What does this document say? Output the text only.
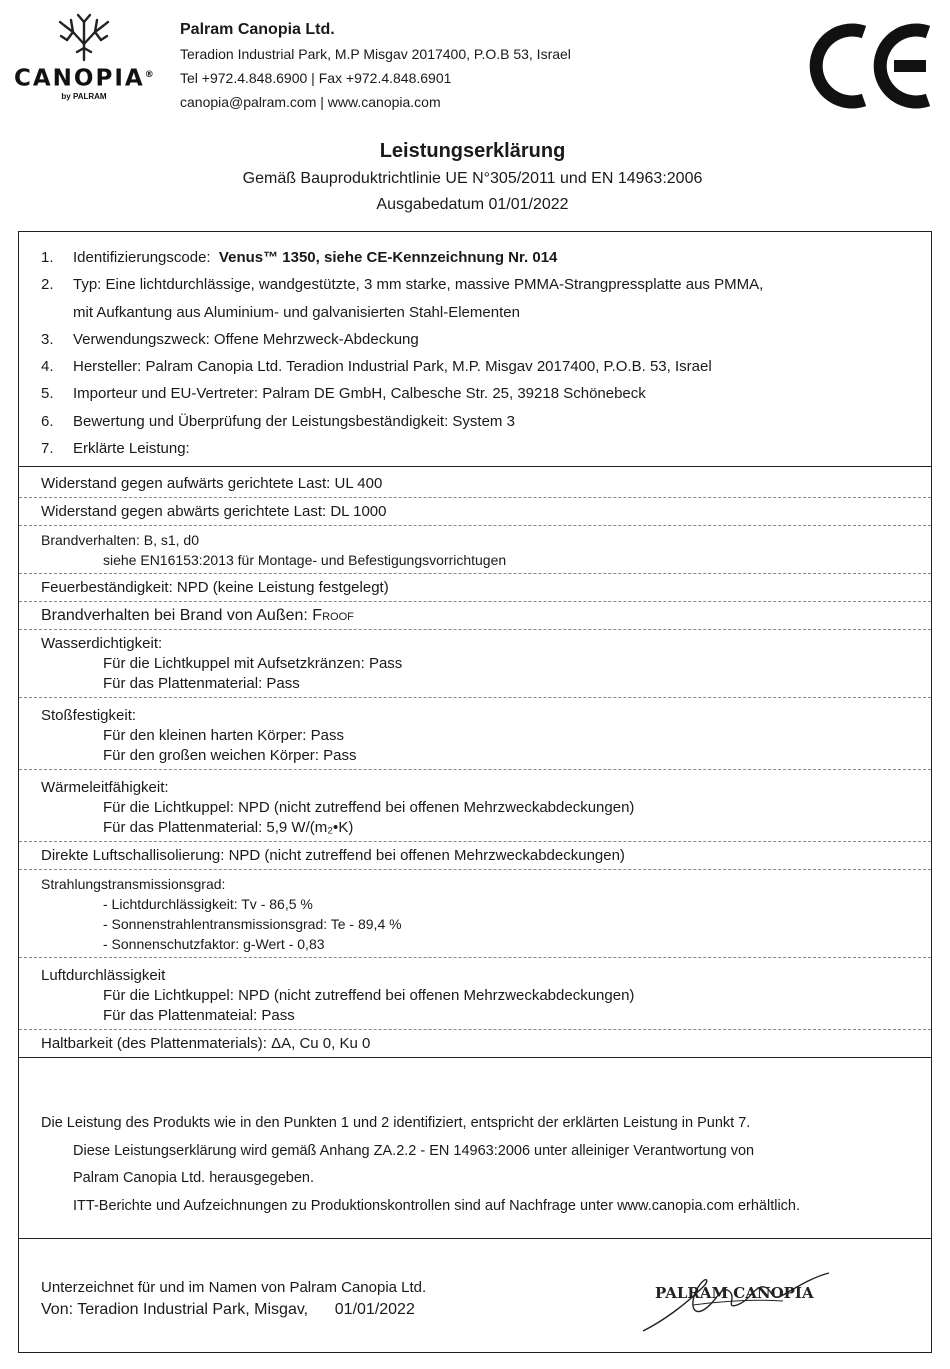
CANOPIA®
by PALRAM
Palram Canopia Ltd.
Teradion Industrial Park, M.P Misgav 2017400, P.O.B 53, Israel
Tel +972.4.848.6900 | Fax +972.4.848.6901
canopia@palram.com | www.canopia.com
Leistungserklärung
Gemäß Bauproduktrichtlinie UE N°305/2011 und EN 14963:2006
Ausgabedatum 01/01/2022
1.	Identifizierungscode:  Venus™ 1350, siehe CE-Kennzeichnung Nr. 014
2.	Typ: Eine lichtdurchlässige, wandgestützte, 3 mm starke, massive PMMA-Strangpressplatte aus PMMA,
mit Aufkantung aus Aluminium- und galvanisierten Stahl-Elementen
3.	Verwendungszweck: Offene Mehrzweck-Abdeckung
4.	Hersteller: Palram Canopia Ltd. Teradion Industrial Park, M.P. Misgav 2017400, P.O.B. 53, Israel
5.	Importeur und EU-Vertreter: Palram DE GmbH, Calbesche Str. 25, 39218 Schönebeck
6.	Bewertung und Überprüfung der Leistungsbeständigkeit: System 3
7.	Erklärte Leistung:
Widerstand gegen aufwärts gerichtete Last: UL 400
Widerstand gegen abwärts gerichtete Last: DL 1000
Brandverhalten: B, s1, d0
siehe EN16153:2013 für Montage- und Befestigungsvorrichtugen
Feuerbeständigkeit: NPD (keine Leistung festgelegt)
Brandverhalten bei Brand von Außen: Froof
Wasserdichtigkeit:
Für die Lichtkuppel mit Aufsetzkränzen: Pass
Für das Plattenmaterial: Pass
Stoßfestigkeit:
Für den kleinen harten Körper: Pass
Für den großen weichen Körper: Pass
Wärmeleitfähigkeit:
Für die Lichtkuppel: NPD (nicht zutreffend bei offenen Mehrzweckabdeckungen)
Für das Plattenmaterial: 5,9 W/(m₂•K)
Direkte Luftschallisolierung: NPD (nicht zutreffend bei offenen Mehrzweckabdeckungen)
Strahlungstransmissionsgrad:
- Lichtdurchlässigkeit: Tv - 86,5 %
- Sonnenstrahlentransmissionsgrad: Te - 89,4 %
- Sonnenschutzfaktor: g-Wert - 0,83
Luftdurchlässigkeit
Für die Lichtkuppel: NPD (nicht zutreffend bei offenen Mehrzweckabdeckungen)
Für das Plattenmateial: Pass
Haltbarkeit (des Plattenmaterials): ΔA, Cu 0, Ku 0
Die Leistung des Produkts wie in den Punkten 1 und 2 identifiziert, entspricht der erklärten Leistung in Punkt 7.
Diese Leistungserklärung wird gemäß Anhang ZA.2.2 - EN 14963:2006 unter alleiniger Verantwortung von
Palram Canopia Ltd. herausgegeben.
ITT-Berichte und Aufzeichnungen zu Produktionskontrollen sind auf Nachfrage unter www.canopia.com erhältlich.
Unterzeichnet für und im Namen von Palram Canopia Ltd.
Von: Teradion Industrial Park, Misgav,      01/01/2022
PALRAM CANOPIA
